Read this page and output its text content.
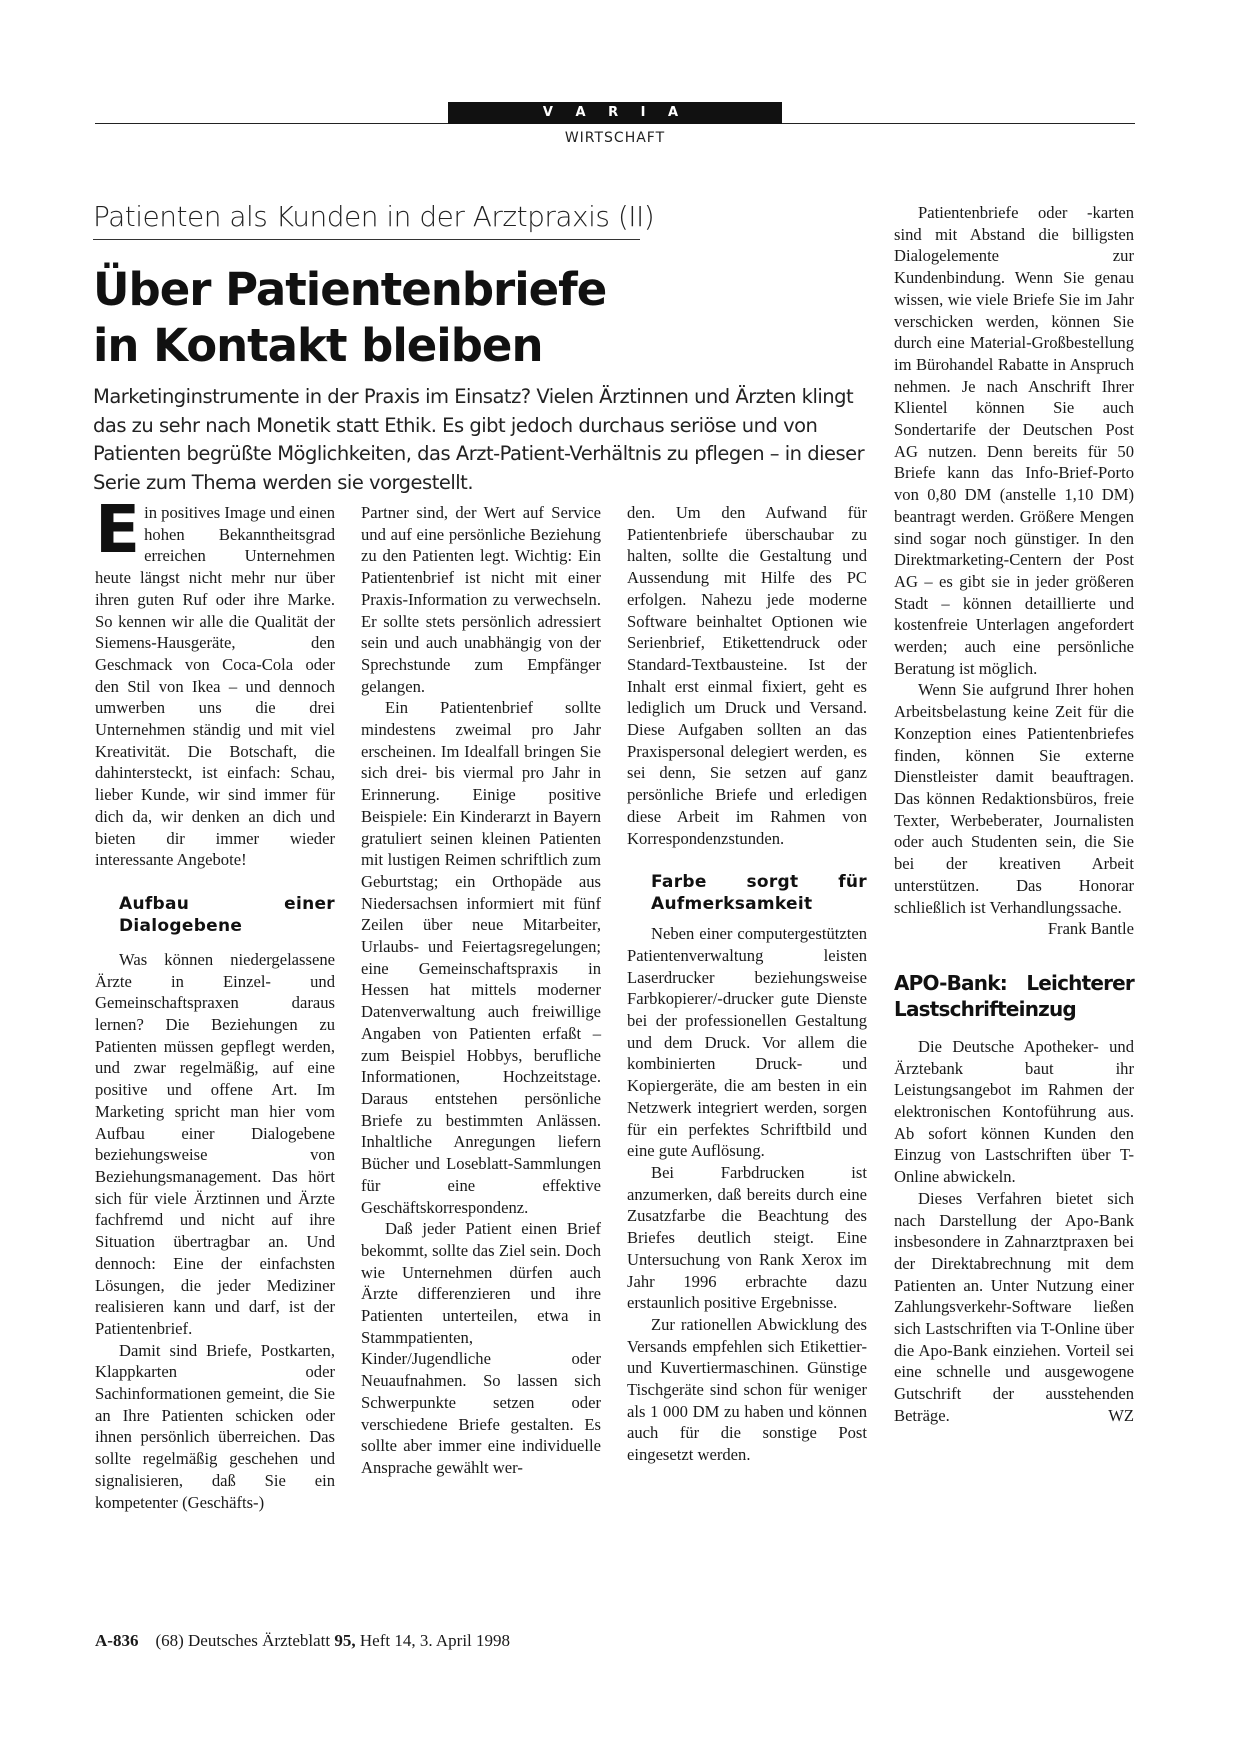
V A R I A
WIRTSCHAFT
Patienten als Kunden in der Arztpraxis (II)
Über Patientenbriefe
in Kontakt bleiben
Marketinginstrumente in der Praxis im Einsatz? Vielen Ärztinnen und Ärzten klingt das zu sehr nach Monetik statt Ethik. Es gibt jedoch durchaus seriöse und von Patienten begrüßte Möglichkeiten, das Arzt-Patient-Verhältnis zu pflegen – in dieser Serie zum Thema werden sie vorgestellt.

Ein positives Image und einen hohen Bekanntheitsgrad erreichen Unternehmen heute längst nicht mehr nur über ihren guten Ruf oder ihre Marke. So kennen wir alle die Qualität der Siemens-Hausgeräte, den Geschmack von Coca-Cola oder den Stil von Ikea – und dennoch umwerben uns die drei Unternehmen ständig und mit viel Kreativität. Die Botschaft, die dahintersteckt, ist einfach: Schau, lieber Kunde, wir sind immer für dich da, wir denken an dich und bieten dir immer wieder interessante Angebote!

Aufbau einer Dialogebene

Was können niedergelassene Ärzte in Einzel- und Gemeinschaftspraxen daraus lernen? Die Beziehungen zu Patienten müssen gepflegt werden, und zwar regelmäßig, auf eine positive und offene Art. Im Marketing spricht man hier vom Aufbau einer Dialogebene beziehungsweise von Beziehungsmanagement. Das hört sich für viele Ärztinnen und Ärzte fachfremd und nicht auf ihre Situation übertragbar an. Und dennoch: Eine der einfachsten Lösungen, die jeder Mediziner realisieren kann und darf, ist der Patientenbrief.

Damit sind Briefe, Postkarten, Klappkarten oder Sachinformationen gemeint, die Sie an Ihre Patienten schicken oder ihnen persönlich überreichen. Das sollte regelmäßig geschehen und signalisieren, daß Sie ein kompetenter (Geschäfts-)

Partner sind, der Wert auf Service und auf eine persönliche Beziehung zu den Patienten legt. Wichtig: Ein Patientenbrief ist nicht mit einer Praxis-Information zu verwechseln. Er sollte stets persönlich adressiert sein und auch unabhängig von der Sprechstunde zum Empfänger gelangen.

Ein Patientenbrief sollte mindestens zweimal pro Jahr erscheinen. Im Idealfall bringen Sie sich drei- bis viermal pro Jahr in Erinnerung. Einige positive Beispiele: Ein Kinderarzt in Bayern gratuliert seinen kleinen Patienten mit lustigen Reimen schriftlich zum Geburtstag; ein Orthopäde aus Niedersachsen informiert mit fünf Zeilen über neue Mitarbeiter, Urlaubs- und Feiertagsregelungen; eine Gemeinschaftspraxis in Hessen hat mittels moderner Datenverwaltung auch freiwillige Angaben von Patienten erfaßt – zum Beispiel Hobbys, berufliche Informationen, Hochzeitstage. Daraus entstehen persönliche Briefe zu bestimmten Anlässen. Inhaltliche Anregungen liefern Bücher und Loseblatt-Sammlungen für eine effektive Geschäftskorrespondenz.

Daß jeder Patient einen Brief bekommt, sollte das Ziel sein. Doch wie Unternehmen dürfen auch Ärzte differenzieren und ihre Patienten unterteilen, etwa in Stammpatienten, Kinder/Jugendliche oder Neuaufnahmen. So lassen sich Schwerpunkte setzen oder verschiedene Briefe gestalten. Es sollte aber immer eine individuelle Ansprache gewählt wer-

den. Um den Aufwand für Patientenbriefe überschaubar zu halten, sollte die Gestaltung und Aussendung mit Hilfe des PC erfolgen. Nahezu jede moderne Software beinhaltet Optionen wie Serienbrief, Etikettendruck oder Standard-Textbausteine. Ist der Inhalt erst einmal fixiert, geht es lediglich um Druck und Versand. Diese Aufgaben sollten an das Praxispersonal delegiert werden, es sei denn, Sie setzen auf ganz persönliche Briefe und erledigen diese Arbeit im Rahmen von Korrespondenzstunden.

Farbe sorgt für Aufmerksamkeit

Neben einer computergestützten Patientenverwaltung leisten Laserdrucker beziehungsweise Farbkopierer/-drucker gute Dienste bei der professionellen Gestaltung und dem Druck. Vor allem die kombinierten Druck- und Kopiergeräte, die am besten in ein Netzwerk integriert werden, sorgen für ein perfektes Schriftbild und eine gute Auflösung.

Bei Farbdrucken ist anzumerken, daß bereits durch eine Zusatzfarbe die Beachtung des Briefes deutlich steigt. Eine Untersuchung von Rank Xerox im Jahr 1996 erbrachte dazu erstaunlich positive Ergebnisse.

Zur rationellen Abwicklung des Versands empfehlen sich Etikettier- und Kuvertiermaschinen. Günstige Tischgeräte sind schon für weniger als 1 000 DM zu haben und können auch für die sonstige Post eingesetzt werden.

Patientenbriefe oder -karten sind mit Abstand die billigsten Dialogelemente zur Kundenbindung. Wenn Sie genau wissen, wie viele Briefe Sie im Jahr verschicken werden, können Sie durch eine Material-Großbestellung im Bürohandel Rabatte in Anspruch nehmen. Je nach Anschrift Ihrer Klientel können Sie auch Sondertarife der Deutschen Post AG nutzen. Denn bereits für 50 Briefe kann das Info-Brief-Porto von 0,80 DM (anstelle 1,10 DM) beantragt werden. Größere Mengen sind sogar noch günstiger. In den Direktmarketing-Centern der Post AG – es gibt sie in jeder größeren Stadt – können detaillierte und kostenfreie Unterlagen angefordert werden; auch eine persönliche Beratung ist möglich.

Wenn Sie aufgrund Ihrer hohen Arbeitsbelastung keine Zeit für die Konzeption eines Patientenbriefes finden, können Sie externe Dienstleister damit beauftragen. Das können Redaktionsbüros, freie Texter, Werbeberater, Journalisten oder auch Studenten sein, die Sie bei der kreativen Arbeit unterstützen. Das Honorar schließlich ist Verhandlungssache.
Frank Bantle

APO-Bank: Leichterer Lastschrifteinzug

Die Deutsche Apotheker- und Ärztebank baut ihr Leistungsangebot im Rahmen der elektronischen Kontoführung aus. Ab sofort können Kunden den Einzug von Lastschriften über T-Online abwickeln.

Dieses Verfahren bietet sich nach Darstellung der Apo-Bank insbesondere in Zahnarztpraxen bei der Direktabrechnung mit dem Patienten an. Unter Nutzung einer Zahlungsverkehr-Software ließen sich Lastschriften via T-Online über die Apo-Bank einziehen. Vorteil sei eine schnelle und ausgewogene Gutschrift der ausstehenden Beträge.	WZ

A-836 (68) Deutsches Ärzteblatt 95, Heft 14, 3. April 1998
